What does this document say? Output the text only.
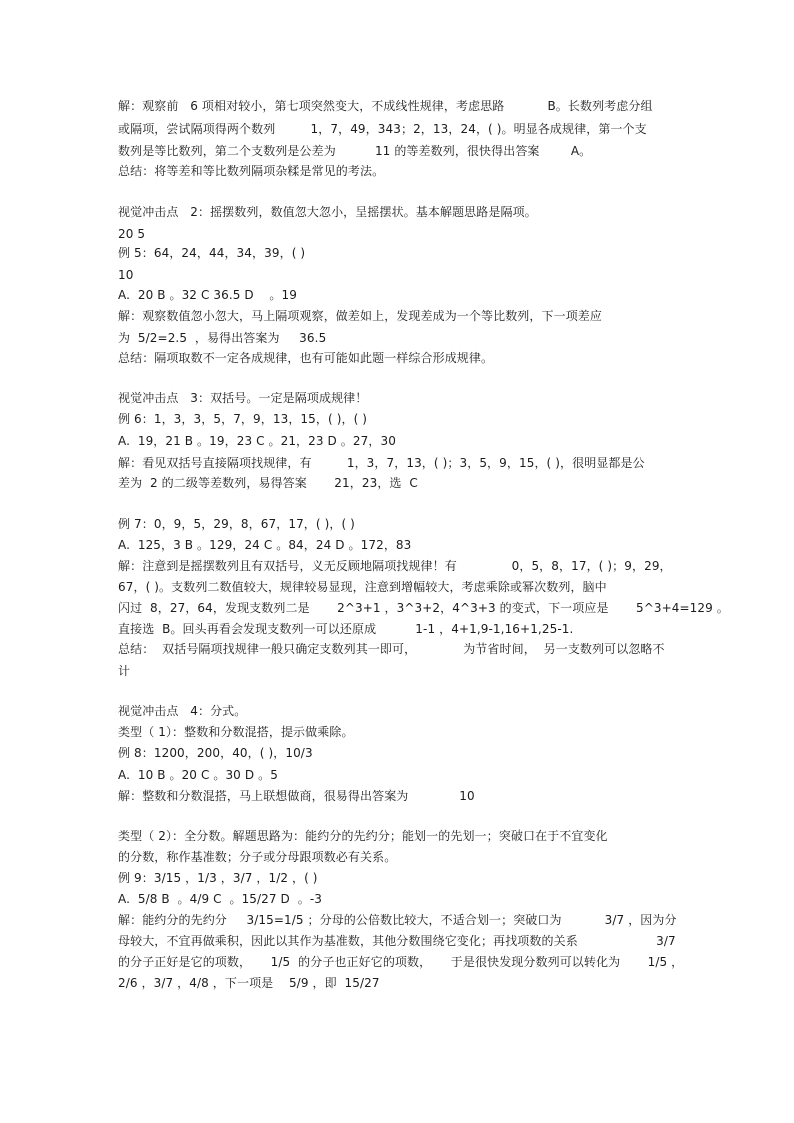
解：观察前   6 项相对较小，第七项突然变大，不成线性规律，考虑思路           B。长数列考虑分组
或隔项，尝试隔项得两个数列         1，7，49，343；2，13，24，( )。明显各成规律，第一个支
数列是等比数列，第二个支数列是公差为          11 的等差数列，很快得出答案        A。
总结：将等差和等比数列隔项杂糅是常见的考法。
视觉冲击点   2：摇摆数列，数值忽大忽小，呈摇摆状。基本解题思路是隔项。
20 5
例 5：64，24，44，34，39，( )
10
A.  20 B 。32 C 36.5 D    。19
解：观察数值忽小忽大，马上隔项观察，做差如上，发现差成为一个等比数列，下一项差应
为  5/2=2.5  ，易得出答案为     36.5
总结：隔项取数不一定各成规律，也有可能如此题一样综合形成规律。
视觉冲击点   3：双括号。一定是隔项成规律！
例 6：1，3，3，5，7，9，13，15，( )，( )
A.  19，21 B 。19，23 C 。21，23 D 。27，30
解：看见双括号直接隔项找规律，有         1，3，7，13，( )；3，5，9，15，( )，很明显都是公
差为  2 的二级等差数列，易得答案       21，23，选  C
例 7：0，9，5，29，8，67，17，( )，( )
A.  125，3 B 。129，24 C 。84，24 D 。172，83
解：注意到是摇摆数列且有双括号，义无反顾地隔项找规律！有              0，5，8，17，( )；9，29，
67，( )。支数列二数值较大，规律较易显现，注意到增幅较大，考虑乘除或幂次数列，脑中
闪过  8，27，64，发现支数列二是       2^3+1 ，3^3+2，4^3+3 的变式，下一项应是       5^3+4=129 。
直接选  B。回头再看会发现支数列一可以还原成          1-1 ，4+1,9-1,16+1,25-1.
总结：  双括号隔项找规律一般只确定支数列其一即可，            为节省时间，  另一支数列可以忽略不
计
视觉冲击点   4：分式。
类型（ 1）：整数和分数混搭，提示做乘除。
例 8：1200，200，40，( )，10/3
A.  10 B 。20 C 。30 D 。5
解：整数和分数混搭，马上联想做商，很易得出答案为             10
类型（ 2）：全分数。解题思路为：能约分的先约分；能划一的先划一；突破口在于不宜变化
的分数，称作基准数；分子或分母跟项数必有关系。
例 9：3/15 ，1/3 ，3/7 ，1/2 ，( )
A.  5/8 B  。4/9 C  。15/27 D  。-3
解：能约分的先约分     3/15=1/5 ；分母的公倍数比较大，不适合划一；突破口为           3/7 ，因为分
母较大，不宜再做乘积，因此以其作为基准数，其他分数围绕它变化；再找项数的关系                    3/7
的分子正好是它的项数，     1/5  的分子也正好它的项数，     于是很快发现分数列可以转化为       1/5 ，
2/6 ，3/7 ，4/8 ，下一项是    5/9 ，即  15/27
